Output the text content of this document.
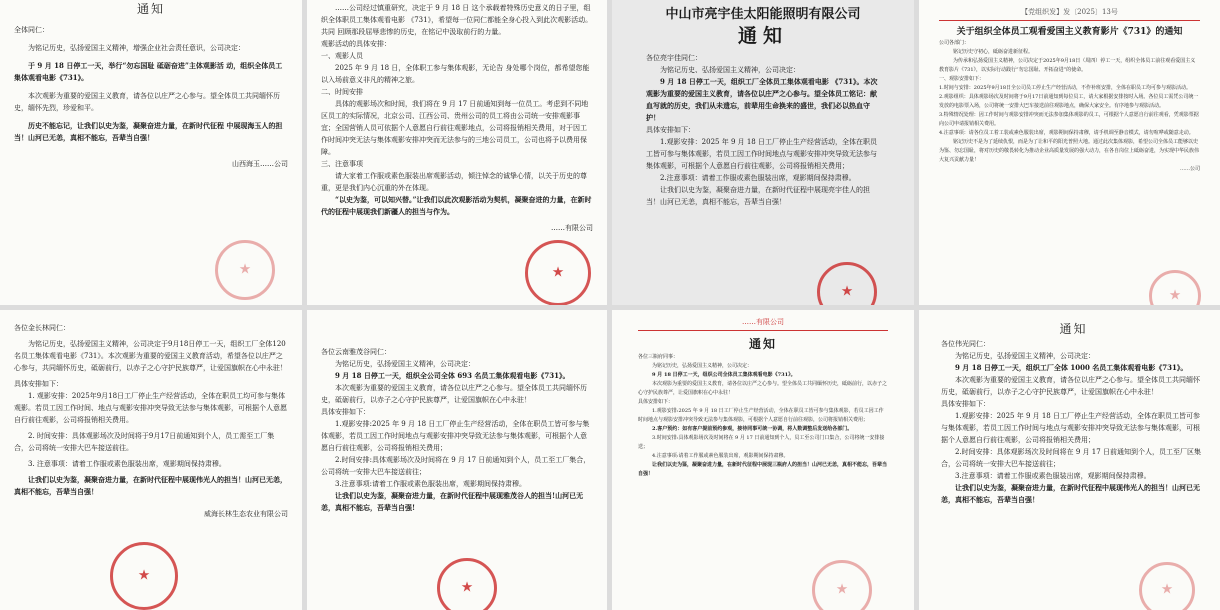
通知

全体同仁：

为铭记历史，弘扬爱国主义精神，增强企业社会责任意识，公司决定：

于 9 月 18 日停工一天，举行“勿忘国耻 砥砺奋进”主体观影活 动，组织全体员工集体观看电影《731》。

本次观影为重要的爱国主义教育，请各位以庄严之心参与。望全体员工共同缅怀历史，缅怀先烈，珍爱和平。

历史不能忘记，让我们以史为鉴，凝聚奋进力量，在新时代征程 中展现海玉人的担当！山河已无恙，真相不能忘，吾辈当自强！

山西海玉……公司

★

……公司经过慎重研究，决定于 9 月 18 日 这个承载着特殊历史意义的日子里，组织全体职员工集体观看电影 《731》，希望每一位同仁都能全身心投入到此次观影活动。共同 回顾那段屈辱悲惨的历史，在铭记中汲取前行的力量。

观影活动的具体安排：

一、观影人员

2025 年 9 月 18 日，全体职工参与集体观影，无论告 身处哪个岗位，都希望您能以入场前意义非凡的精神之旅。

二、时间安排

具体的观影场次和时间，我们将在 9 月 17 日前通知到每一位员工。考虑到不同地区员工的实际情况，北京公司、江西公司、贵州公司的员工将由公司统一安排观影事宜；全国营销人员可依据个人意愿自行前往观影地点，公司将报销相关费用，对于因工作时间冲突无法与集体观影安排冲突而无法参与的三地公司员工，公司也将予以费用保障。

三、注意事项

请大家着工作服或素色服装出席观影活动，倾注悼念的诚挚心情，以关于历史的尊重，更是我们内心沉重的外在体现。

“以史为鉴，可以知兴替。”让我们以此次观影活动为契机，凝聚奋进的力量，在新时代的征程中展现我们新疆人的担当与作为。

……有限公司

★

中山市亮宇佳太阳能照明有限公司

通知

各位亮宇佳同仁：

为铭记历史、弘扬爱国主义精神，公司决定：

9 月 18 日停工一天，组织工厂全体员工集体观看电影 《731》。本次观影为重要的爱国主义教育，请各位以庄严之心参与。望全体员工铭记：献血写就的历史，我们从未遗忘，前辈用生命换来的盛世，我们必以热血守护！

具体安排如下：

1.观影安排：2025 年 9 月 18 日工厂停止生产经营活动，全体在职员工皆可参与集体观影，若员工因工作时间地点与观影安排冲突导致无法参与集体观影，可根据个人意愿自行前往观影，公司将报销相关费用；

2.注意事项：请着工作服或素色服装出席，观影期间保持肃穆。

让我们以史为鉴，凝聚奋进力量，在新时代征程中展现亮宇佳人的担当！山河已无恙，真相不能忘，吾辈当自强！

★

【党组织发】发〔2025〕13号

关于组织全体员工观看爱国主义教育影片《731》的通知

公司各部门：

铭记历史守初心，砥砺奋进新征程。

为传承和弘扬爱国主义精神，公司决定于2025年9月18日（周四）停工一天，组织全体员工前往观看爱国主义教育影片《731》，以实际行动践行“勿忘国耻、开拓奋进”的使命。

一、观影安排如下：

1.时间与安排：2025年9月18日全公司员工停止生产经营活动，不作补班安排，全体在职员工均可参与观影活动。

2.观影组织：具体观影场次及时间将于9月17日前通知到每位员工，请大家根据安排按时入场。各位员工需凭公司统一发放的电影票入场，公司将统一安排大巴车接送前往观影地点，确保大家安全。有序地参与观影活动。

3.特殊情况处理：因工作时间与观影安排冲突而无法参加集体观影的员工，可根据个人意愿自行前往观看，凭观影票据向公司申请报销相关费用。

4.注意事项：请各位员工着工装或素色服装出席，观影期间保持肃穆，请手机调至静音模式，请勿喧哗或随意走动。

铭记历史不是为了延续仇恨，而是为了让和平的阳光普照大地。通过此次集体观影，希望公司全体员工能够以史为鉴、勿忘国耻，将对历史的敬畏转化为推动企业高质量发展的强大动力，在各自岗位上砥砺奋进，为实现中华民族伟大复兴贡献力量！

……公司

★

各位金长林同仁：

为铭记历史，弘扬爱国主义精神，公司决定于9月18日停工一天，组织工厂全体120名员工集体观看电影《731》。本次观影为重要的爱国主义教育活动，希望各位以庄严之心参与，共同缅怀历史，砥砺前行，以赤子之心守护民族尊严，让爱国旗帜在心中永驻！

具体安排如下：

1. 观影安排：2025年9月18日工厂停止生产经营活动，全体在职员工均可参与集体观影。若员工因工作时间、地点与观影安排冲突导致无法参与集体观影，可根据个人意愿自行前往观影，公司将报销相关费用。

2. 时间安排：具体观影场次及时间将于9月17日前通知到个人，员工需至工厂集合，公司将统一安排大巴车接送前往。

3. 注意事项：请着工作服或素色服装出席，观影期间保持肃穆。

让我们以史为鉴，凝聚奋进力量，在新时代征程中展现伟光人的担当！山河已无恙，真相不能忘，吾辈当自强！

威海长林生态农业有限公司

★

各位云南雅茂谷同仁：

为铭记历史，弘扬爱国主义精神，公司决定：

9 月 18 日停工一天，组织全公司全体 693 名员工集体观看电影《731》。

本次观影为重要的爱国主义教育，请各位以庄严之心参与。望全体员工共同缅怀历史，砥砺前行，以赤子之心守护民族尊严，让爱国旗帜在心中永驻！

具体安排如下：

1.观影安排:2025 年 9 月 18 日工厂停止生产经营活动，全体在职员工皆可参与集体观影，若员工因工作时间地点与观影安排冲突导致无法参与集体观影，可根据个人意愿自行前往观影，公司将报销相关费用；

2.时间安排:具体观影场次及时间将在 9 月 17 日前通知到个人，员工至工厂集合，公司将统一安排大巴车接送前往；

3.注意事项:请着工作服或素色服装出席，观影期间保持肃穆。

让我们以史为鉴，凝聚奋进力量，在新时代征程中展现雅茂谷人的担当!山河已无恙，真相不能忘，吾辈当自强!

★

……有限公司

通知

各位三瓶府同事：

为铭记历史，弘扬爱国主义精神，公司决定：

9 月 18 日停工一天，组织公司全体员工集体观看电影《731》。

本次观影为重要的爱国主义教育，请各位以庄严之心参与。望全体员工共同缅怀历史，砥砺前行，以赤子之心守护民族尊严，让爱国旗帜在心中永驻！

具体安排如下：

1.观影安排:2025 年 9 月 18 日工厂停止生产经营活动，全体在职员工皆可参与集体观影，若员工因工作时间地点与观影安排冲突导致无法参与集体观影，可根据个人意愿自行前往观影，公司将报销相关费用；

2.客户预约：如有客户提前预约参观，接待同事可统一协调，将人数调整后发送给各部门。

3.时间安排:具体观影场次及时间将在 9 月 17 日前通知到个人，员工至公司门口集合，公司将统一安排接送；

4.注意事项:请着工作服或素色服装出席，观影期间保持肃穆。

让我们以史为鉴，凝聚奋进力量，在新时代征程中展现三瓶府人的担当！山河已无恙，真相不能忘，吾辈当自强！

★

通知

各位伟光同仁：

为铭记历史，弘扬爱国主义精神，公司决定：

9 月 18 日停工一天，组织工厂全体 1000 名员工集体观看电影《731》。

本次观影为重要的爱国主义教育，请各位以庄严之心参与。望全体员工共同缅怀历史，砥砺前行，以赤子之心守护民族尊严，让爱国旗帜在心中永驻！

具体安排如下：

1.观影安排：2025 年 9 月 18 日工厂停止生产经营活动，全体在职员工皆可参与集体观影，若员工因工作时间与地点与观影安排冲突导致无法参与集体观影，可根据个人意愿自行前往观影，公司将报销相关费用；

2.时间安排：具体观影场次及时间将在 9 月 17 日前通知到个人，员工至厂区集合，公司将统一安排大巴车接送前往；

3.注意事项：请着工作服或素色服装出席，观影期间保持肃穆。

让我们以史为鉴，凝聚奋进力量，在新时代征程中展现伟光人的担当！山河已无恙，真相不能忘，吾辈当自强！

★
